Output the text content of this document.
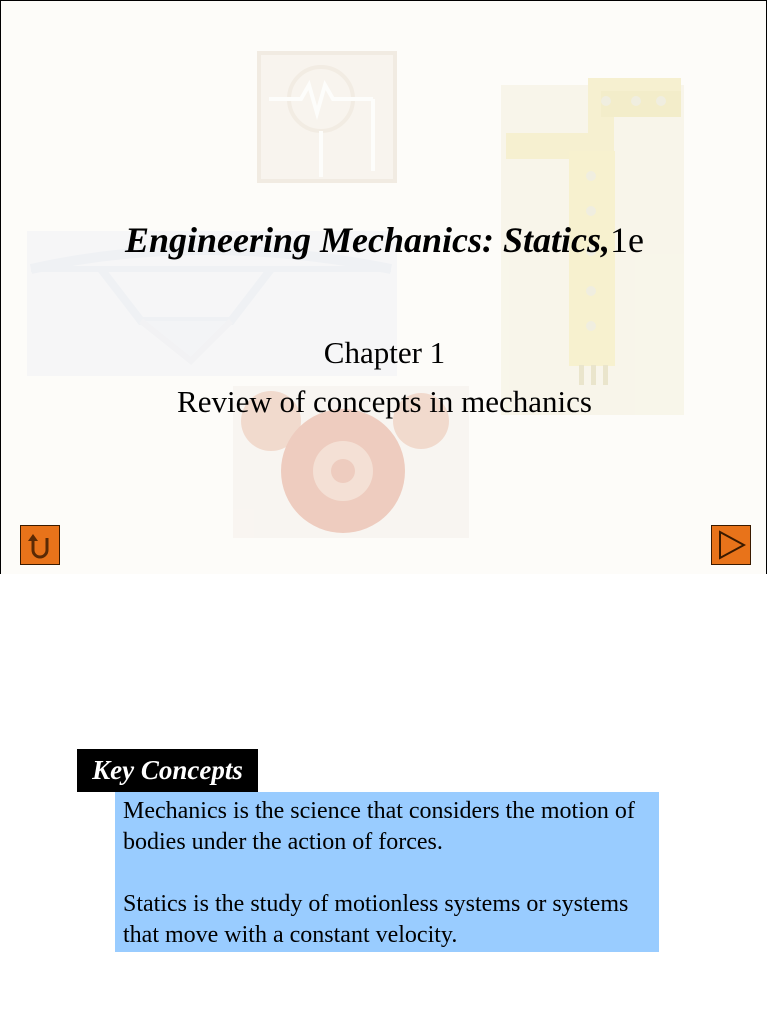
Engineering Mechanics: Statics,1e
Chapter 1
Review of concepts in mechanics
Key Concepts

Mechanics is the science that considers the motion of bodies under the action of forces.

Statics is the study of motionless systems or systems that move with a constant velocity.
